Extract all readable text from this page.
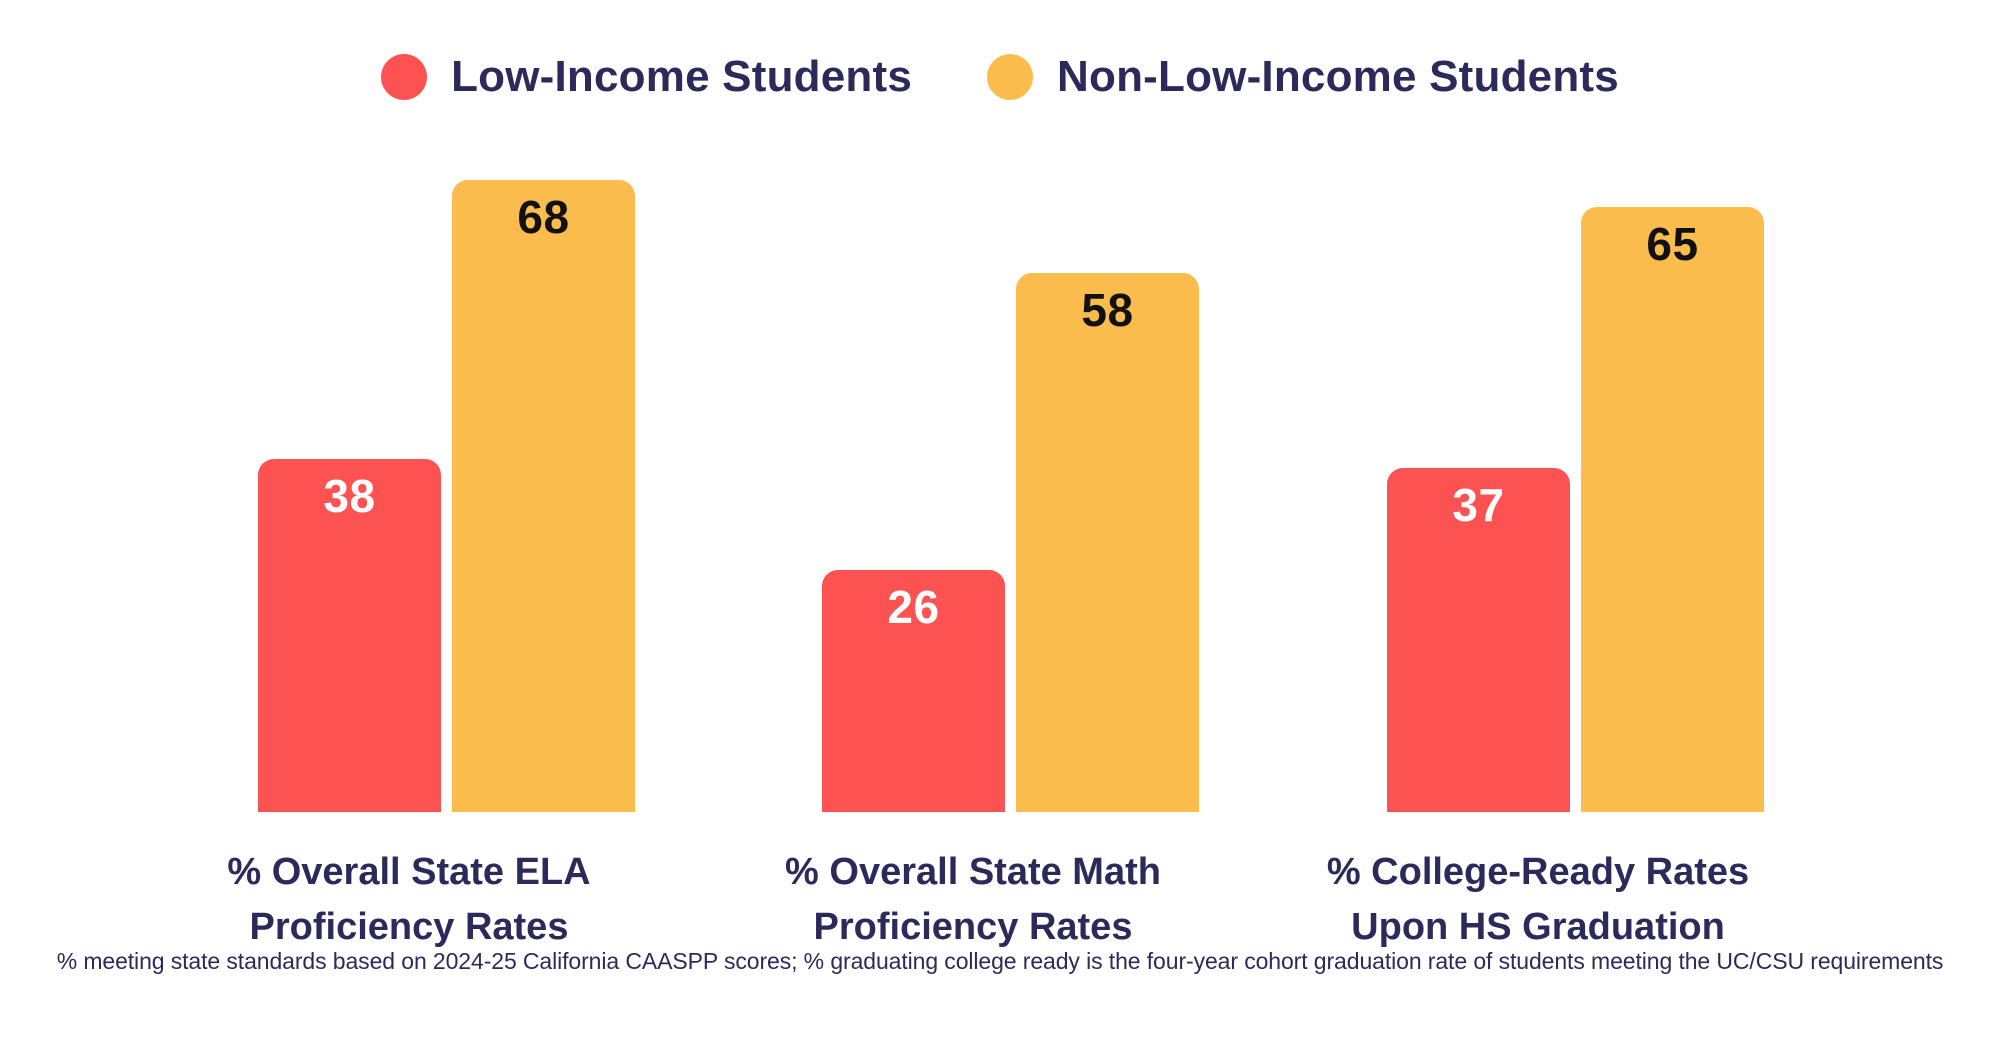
Low-Income Students	Non-Low-Income Students
38
68
26
58
37
65
% Overall State ELA
Proficiency Rates
% Overall State Math
Proficiency Rates
% College-Ready Rates
Upon HS Graduation
% meeting state standards based on 2024-25 California CAASPP scores; % graduating college ready is the four-year cohort graduation rate of students meeting the UC/CSU requirements
